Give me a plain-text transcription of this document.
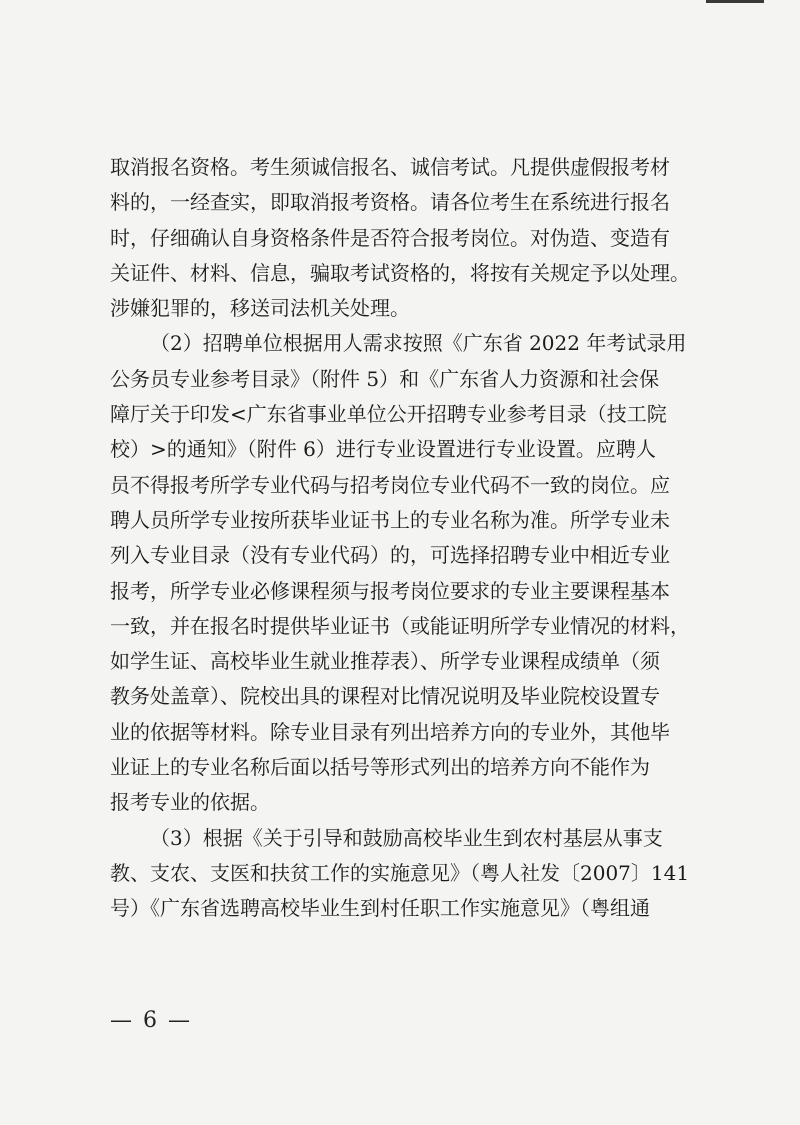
取消报名资格。考生须诚信报名、诚信考试。凡提供虚假报考材
料的，一经查实，即取消报考资格。请各位考生在系统进行报名
时，仔细确认自身资格条件是否符合报考岗位。对伪造、变造有
关证件、材料、信息，骗取考试资格的，将按有关规定予以处理。
涉嫌犯罪的，移送司法机关处理。
（2）招聘单位根据用人需求按照《广东省 2022 年考试录用
公务员专业参考目录》（附件 5）和《广东省人力资源和社会保
障厅关于印发<广东省事业单位公开招聘专业参考目录（技工院
校）>的通知》（附件 6）进行专业设置进行专业设置。应聘人
员不得报考所学专业代码与招考岗位专业代码不一致的岗位。应
聘人员所学专业按所获毕业证书上的专业名称为准。所学专业未
列入专业目录（没有专业代码）的，可选择招聘专业中相近专业
报考，所学专业必修课程须与报考岗位要求的专业主要课程基本
一致，并在报名时提供毕业证书（或能证明所学专业情况的材料，
如学生证、高校毕业生就业推荐表）、所学专业课程成绩单（须
教务处盖章）、院校出具的课程对比情况说明及毕业院校设置专
业的依据等材料。除专业目录有列出培养方向的专业外，其他毕
业证上的专业名称后面以括号等形式列出的培养方向不能作为
报考专业的依据。
（3）根据《关于引导和鼓励高校毕业生到农村基层从事支
教、支农、支医和扶贫工作的实施意见》（粤人社发〔2007〕141
号）《广东省选聘高校毕业生到村任职工作实施意见》（粤组通
— 6 —
